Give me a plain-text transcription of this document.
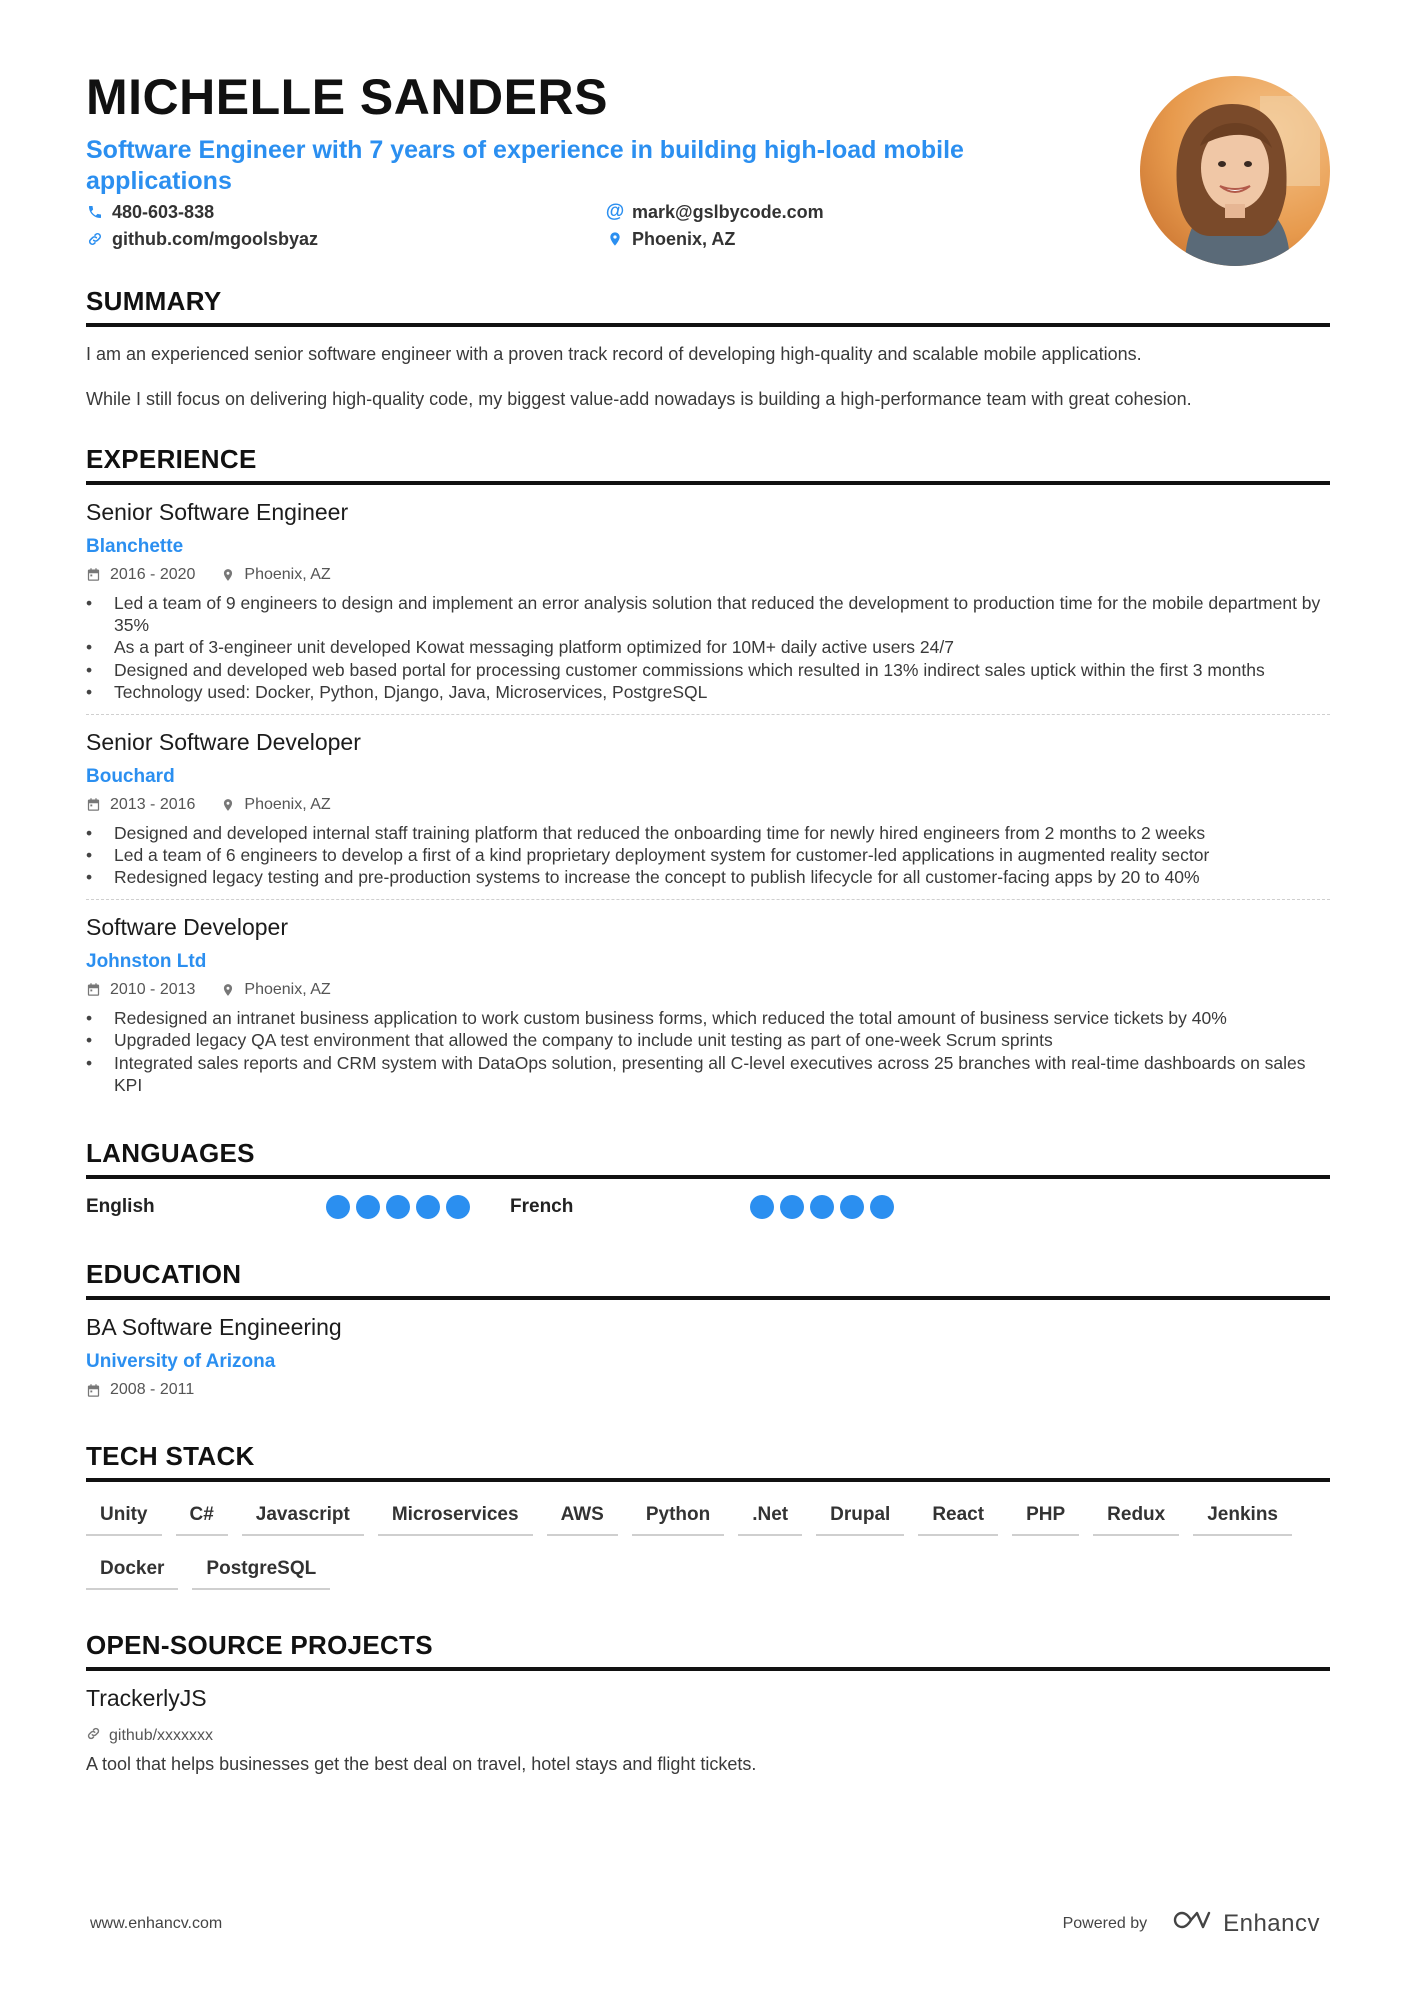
MICHELLE SANDERS
Software Engineer with 7 years of experience in building high-load mobile applications
480-603-838	@ mark@gslbycode.com
github.com/mgoolsbyaz	Phoenix, AZ
SUMMARY

I am an experienced senior software engineer with a proven track record of developing high-quality and scalable mobile applications.

While I still focus on delivering high-quality code, my biggest value-add nowadays is building a high-performance team with great cohesion.

EXPERIENCE
Senior Software Engineer
Blanchette
2016 - 2020	Phoenix, AZ
• Led a team of 9 engineers to design and implement an error analysis solution that reduced the development to production time for the mobile department by 35%
• As a part of 3-engineer unit developed Kowat messaging platform optimized for 10M+ daily active users 24/7
• Designed and developed web based portal for processing customer commissions which resulted in 13% indirect sales uptick within the first 3 months
• Technology used: Docker, Python, Django, Java, Microservices, PostgreSQL
Senior Software Developer
Bouchard
2013 - 2016	Phoenix, AZ
• Designed and developed internal staff training platform that reduced the onboarding time for newly hired engineers from 2 months to 2 weeks
• Led a team of 6 engineers to develop a first of a kind proprietary deployment system for customer-led applications in augmented reality sector
• Redesigned legacy testing and pre-production systems to increase the concept to publish lifecycle for all customer-facing apps by 20 to 40%
Software Developer
Johnston Ltd
2010 - 2013	Phoenix, AZ
• Redesigned an intranet business application to work custom business forms, which reduced the total amount of business service tickets by 40%
• Upgraded legacy QA test environment that allowed the company to include unit testing as part of one-week Scrum sprints
• Integrated sales reports and CRM system with DataOps solution, presenting all C-level executives across 25 branches with real-time dashboards on sales KPI
LANGUAGES
English	French
EDUCATION
BA Software Engineering
University of Arizona
2008 - 2011
TECH STACK
Unity	C#	Javascript	Microservices	AWS	Python	.Net	Drupal	React	PHP	Redux	Jenkins
Docker	PostgreSQL
OPEN-SOURCE PROJECTS
TrackerlyJS
github/xxxxxxx
A tool that helps businesses get the best deal on travel, hotel stays and flight tickets.
www.enhancv.com	Powered by	Enhancv
